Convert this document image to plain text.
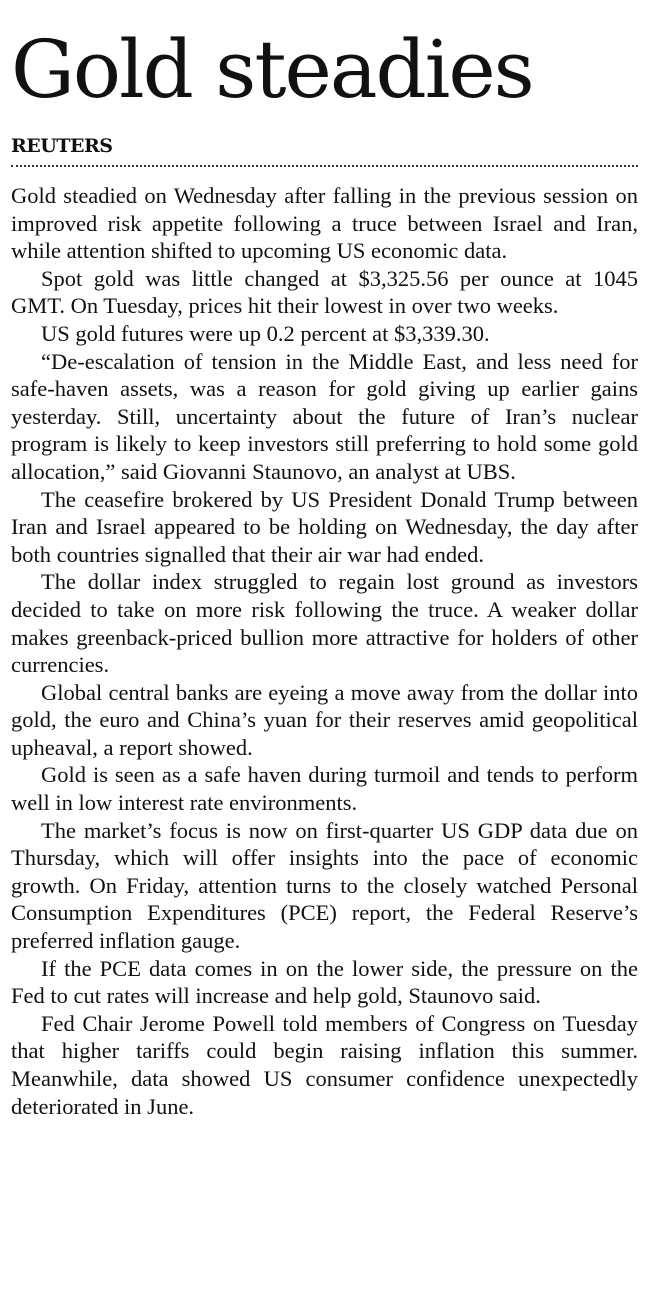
Gold steadies
REUTERS

Gold steadied on Wednesday after falling in the previous session on improved risk appetite following a truce between Israel and Iran, while attention shifted to upcoming US economic data.

Spot gold was little changed at $3,325.56 per ounce at 1045 GMT. On Tuesday, prices hit their lowest in over two weeks.

US gold futures were up 0.2 percent at $3,339.30.

“De-escalation of tension in the Middle East, and less need for safe-haven assets, was a reason for gold giving up earlier gains yesterday. Still, uncertainty about the future of Iran’s nuclear program is likely to keep investors still preferring to hold some gold allocation,” said Giovanni Staunovo, an analyst at UBS.

The ceasefire brokered by US President Donald Trump between Iran and Israel appeared to be holding on Wednesday, the day after both countries signalled that their air war had ended.

The dollar index struggled to regain lost ground as investors decided to take on more risk following the truce. A weaker dollar makes greenback-priced bullion more attractive for holders of other currencies.

Global central banks are eyeing a move away from the dollar into gold, the euro and China’s yuan for their reserves amid geopolitical upheaval, a report showed.

Gold is seen as a safe haven during turmoil and tends to perform well in low interest rate environments.

The market’s focus is now on first-quarter US GDP data due on Thursday, which will offer insights into the pace of economic growth. On Friday, attention turns to the closely watched Personal Consumption Expenditures (PCE) report, the Federal Reserve’s preferred inflation gauge.

If the PCE data comes in on the lower side, the pressure on the Fed to cut rates will increase and help gold, Staunovo said.

Fed Chair Jerome Powell told members of Congress on Tuesday that higher tariffs could begin raising inflation this summer. Meanwhile, data showed US consumer confidence unexpectedly deteriorated in June.
